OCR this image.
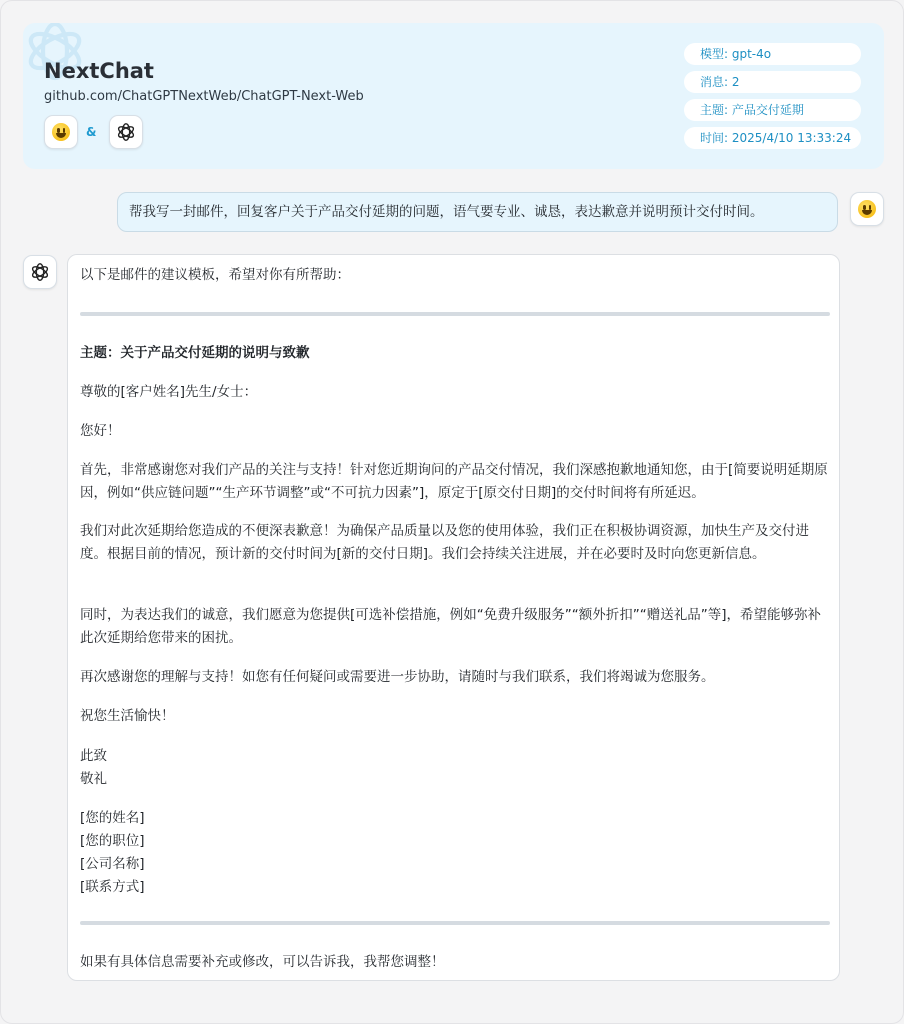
NextChat
github.com/ChatGPTNextWeb/ChatGPT-Next-Web
&
模型: gpt-4o
消息: 2
主题: 产品交付延期
时间: 2025/4/10 13:33:24
帮我写一封邮件，回复客户关于产品交付延期的问题，语气要专业、诚恳，表达歉意并说明预计交付时间。
以下是邮件的建议模板，希望对你有所帮助：
主题：关于产品交付延期的说明与致歉
尊敬的[客户姓名]先生/女士：
您好！
首先，非常感谢您对我们产品的关注与支持！针对您近期询问的产品交付情况，我们深感抱歉地通知您，由于[简要说明延期原因，例如“供应链问题”“生产环节调整”或“不可抗力因素”]，原定于[原交付日期]的交付时间将有所延迟。
我们对此次延期给您造成的不便深表歉意！为确保产品质量以及您的使用体验，我们正在积极协调资源，加快生产及交付进度。根据目前的情况，预计新的交付时间为[新的交付日期]。我们会持续关注进展，并在必要时及时向您更新信息。
同时，为表达我们的诚意，我们愿意为您提供[可选补偿措施，例如“免费升级服务”“额外折扣”“赠送礼品”等]，希望能够弥补此次延期给您带来的困扰。
再次感谢您的理解与支持！如您有任何疑问或需要进一步协助，请随时与我们联系，我们将竭诚为您服务。
祝您生活愉快！
此致
敬礼
[您的姓名]
[您的职位]
[公司名称]
[联系方式]
如果有具体信息需要补充或修改，可以告诉我，我帮您调整！
